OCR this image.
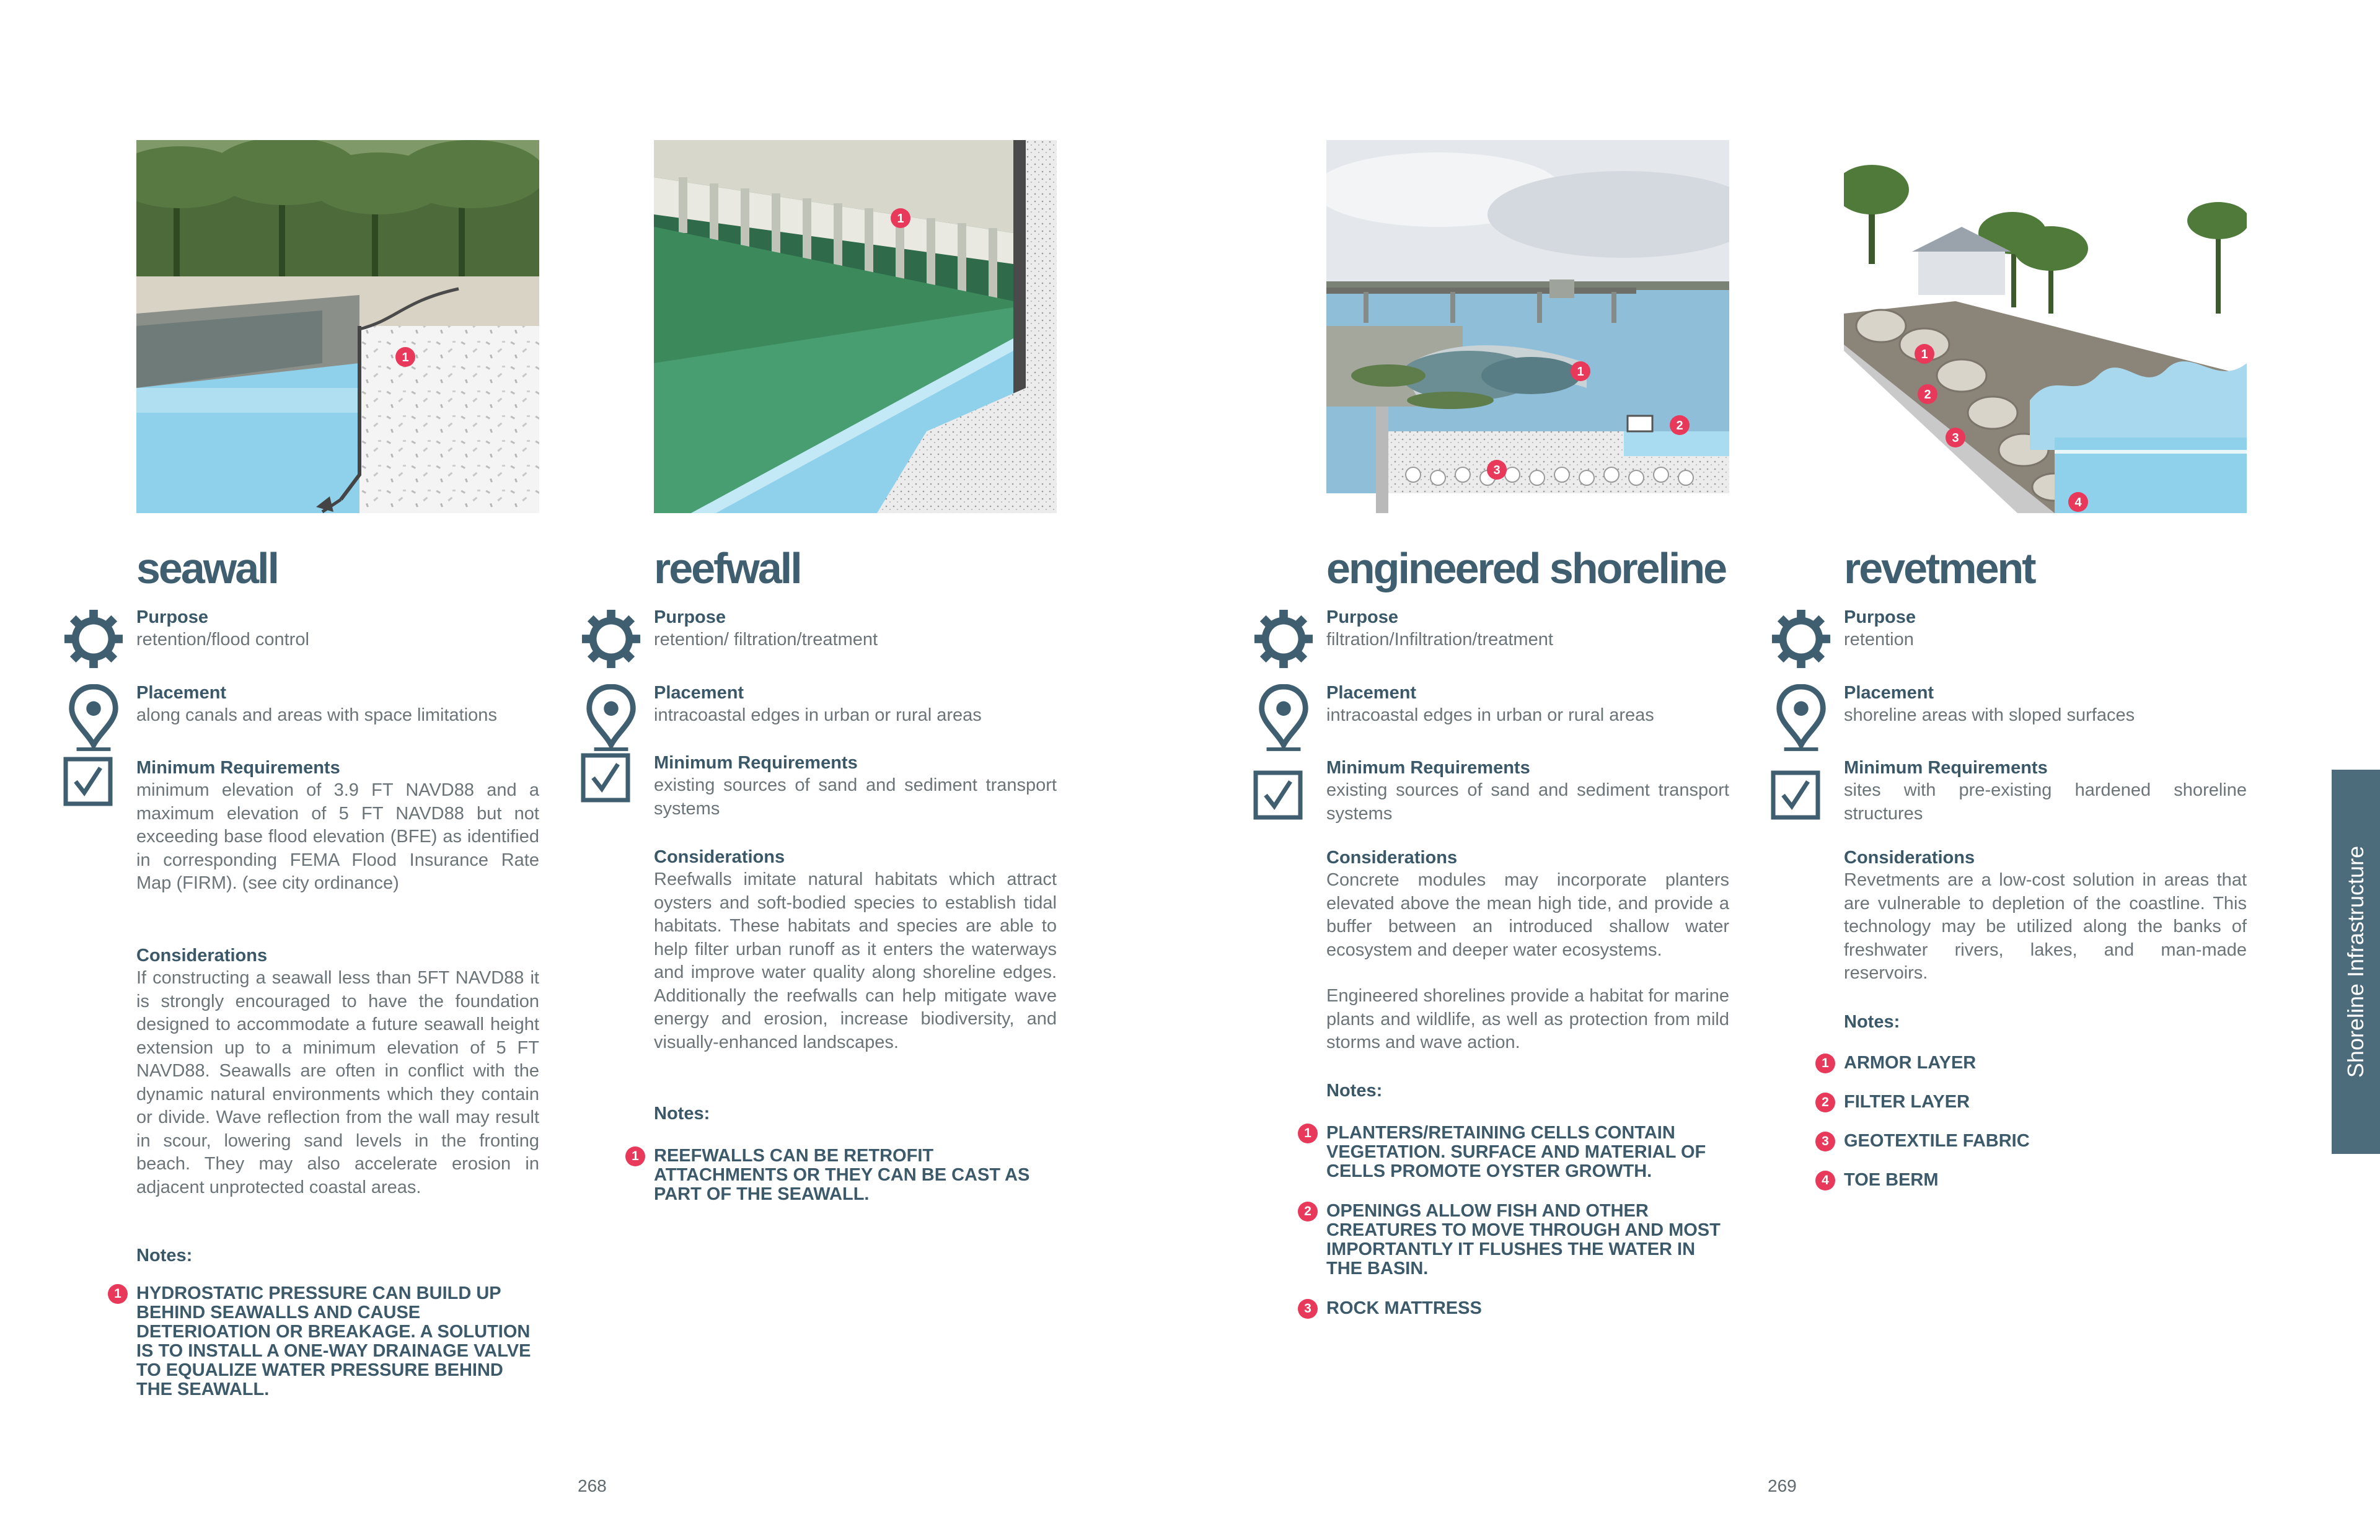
1
seawall

Purpose

retention/flood control

Placement

along canals and areas with space limitations

Minimum Requirements

minimum elevation of 3.9 FT NAVD88 and a maximum elevation of 5 FT NAVD88 but not exceeding base flood elevation (BFE) as identified in corresponding FEMA Flood Insurance Rate Map (FIRM). (see city ordinance)

Considerations

If constructing a seawall less than 5FT NAVD88 it is strongly encouraged to have the foundation designed to accommodate a future seawall height extension up to a minimum elevation of 5 FT NAVD88. Seawalls are often in conflict with the dynamic natural environments which they contain or divide. Wave reflection from the wall may result in scour, lowering sand levels in the fronting beach. They may also accelerate erosion in adjacent unprotected coastal areas.

Notes:

1 HYDROSTATIC PRESSURE CAN BUILD UP BEHIND SEAWALLS AND CAUSE DETERIOATION OR BREAKAGE. A SOLUTION IS TO INSTALL A ONE-WAY DRAINAGE VALVE TO EQUALIZE WATER PRESSURE BEHIND THE SEAWALL.
1
reefwall

Purpose

retention/ filtration/treatment

Placement

intracoastal edges in urban or rural areas

Minimum Requirements

existing sources of sand and sediment transport systems

Considerations

Reefwalls imitate natural habitats which attract oysters and soft-bodied species to establish tidal habitats. These habitats and species are able to help filter urban runoff as it enters the waterways and improve water quality along shoreline edges. Additionally the reefwalls can help mitigate wave energy and erosion, increase biodiversity, and visually-enhanced landscapes.

Notes:

1 REEFWALLS CAN BE RETROFIT ATTACHMENTS OR THEY CAN BE CAST AS PART OF THE SEAWALL.
268
1
2
3
engineered shoreline

Purpose

filtration/Infiltration/treatment

Placement

intracoastal edges in urban or rural areas

Minimum Requirements

existing sources of sand and sediment transport systems

Considerations

Concrete modules may incorporate planters elevated above the mean high tide, and provide a buffer between an introduced shallow water ecosystem and deeper water ecosystems.

Engineered shorelines provide a habitat for marine plants and wildlife, as well as protection from mild storms and wave action.

Notes:

1 PLANTERS/RETAINING CELLS CONTAIN VEGETATION. SURFACE AND MATERIAL OF CELLS PROMOTE OYSTER GROWTH.
2 OPENINGS ALLOW FISH AND OTHER CREATURES TO MOVE THROUGH AND MOST IMPORTANTLY IT FLUSHES THE WATER IN THE BASIN.
3 ROCK MATTRESS
1
2
3
4
revetment

Purpose

retention

Placement

shoreline areas with sloped surfaces

Minimum Requirements

sites with pre-existing hardened shoreline structures

Considerations

Revetments are a low-cost solution in areas that are vulnerable to depletion of the coastline. This technology may be utilized along the banks of freshwater rivers, lakes, and man-made reservoirs.

Notes:

1 ARMOR LAYER
2 FILTER LAYER
3 GEOTEXTILE FABRIC
4 TOE BERM
269
Shoreline Infrastructure
